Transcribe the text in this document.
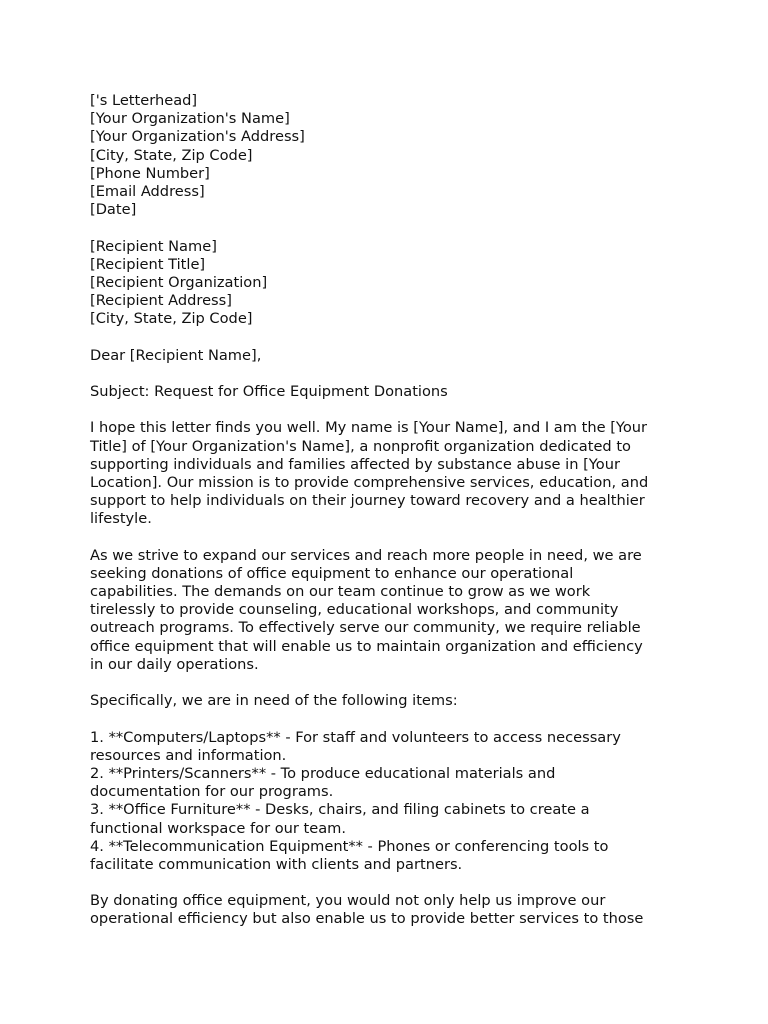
['s Letterhead]
[Your Organization's Name]
[Your Organization's Address]
[City, State, Zip Code]
[Phone Number]
[Email Address]
[Date]
[Recipient Name]
[Recipient Title]
[Recipient Organization]
[Recipient Address]
[City, State, Zip Code]
Dear [Recipient Name],
Subject: Request for Office Equipment Donations
I hope this letter finds you well. My name is [Your Name], and I am the [Your
Title] of [Your Organization's Name], a nonprofit organization dedicated to
supporting individuals and families affected by substance abuse in [Your
Location]. Our mission is to provide comprehensive services, education, and
support to help individuals on their journey toward recovery and a healthier
lifestyle.
As we strive to expand our services and reach more people in need, we are
seeking donations of office equipment to enhance our operational
capabilities. The demands on our team continue to grow as we work
tirelessly to provide counseling, educational workshops, and community
outreach programs. To effectively serve our community, we require reliable
office equipment that will enable us to maintain organization and efficiency
in our daily operations.
Specifically, we are in need of the following items:
1. **Computers/Laptops** - For staff and volunteers to access necessary
resources and information.
2. **Printers/Scanners** - To produce educational materials and
documentation for our programs.
3. **Office Furniture** - Desks, chairs, and filing cabinets to create a
functional workspace for our team.
4. **Telecommunication Equipment** - Phones or conferencing tools to
facilitate communication with clients and partners.
By donating office equipment, you would not only help us improve our
operational efficiency but also enable us to provide better services to those
